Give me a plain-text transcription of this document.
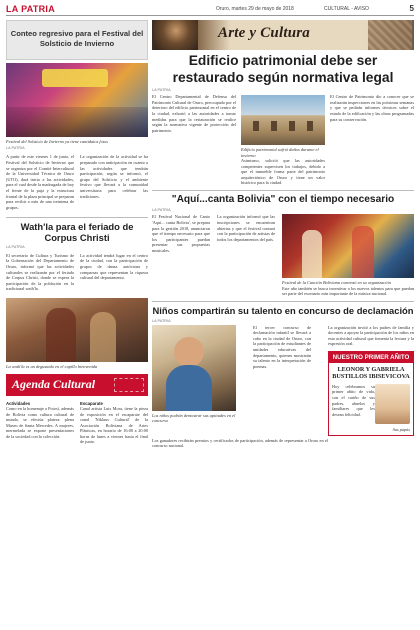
LA PATRIA	Oruro, martes 29 de mayo de 2018	CULTURAL - AVISO	5
Conteo regresivo para el Festival del Solsticio de Invierno
Festival del Solsticio de Invierno ya tiene cantidatos fotos
LA PATRIA

A partir de este viernes 1 de junio, el Festival del Solsticio de Invierno que se organiza por el Comité Intercultural de la Universidad Técnica de Oruro (UTO), dará inicio a las actividades, para el cual desde la madrugada de hoy el frente de la puja y la estructura frontal de la plaza principal se preparan para recibir a más de una treintena de grupos.

La organización de la actividad se ha preparado con anticipación en cuanto a las actividades que tendrán participación, según se informó, el grupo del Solsticio y el ambiente festivo que llevará a la comunidad universitaria para celebrar las tradiciones.

Wath'la para el feriado de Corpus Christi
LA PATRIA

El secretario de Cultura y Turismo de la Gobernación del Departamento de Oruro, informó que las actividades culturales se realizarán por el feriado de Corpus Christi, donde se espera la participación de la población en la tradicional wath'la.

La actividad tendrá lugar en el centro de la ciudad, con la participación de grupos de danza autóctona y comparsas que representan la riqueza cultural del departamento.

La wath'la es un degustado en el capillo bienvenida
Agenda Cultural
Actividades
Como en la homenaje a Potosí, además de Bolivia como cultura cultural de mundo, se efectúa platera: plena Museo de Santa Mercedes. A mujeres, mermelada se expone presentaciones de la sociedad con la colección.
Escaparate
Canal artista Luis Mora, tiene la pieza de exposición en el escaparate del canal 'Niklaus Cultural' de la Asociación Boliviana de Artes Plásticas, en horario de 16:00 a 20:00 horas de lunes a viernes hasta el final de junio.
Arte y Cultura
Edificio patrimonial debe ser restaurado según normativa legal
LA PATRIA

El Centro Departamental de Defensa del Patrimonio Cultural de Oruro, preocupado por el deterioro del edificio patrimonial en el centro de la ciudad, exhortó a las autoridades a tomar medidas para que la restauración se realice según la normativa vigente de protección del patrimonio.

Edificio patrimonial sufrió daños durante el invierno
Asimismo, solicitó que las autoridades competentes supervisen los trabajos, debido a que el inmueble forma parte del patrimonio arquitectónico de Oruro y tiene un valor histórico para la ciudad.

El Centro de Patrimonio dio a conocer que se realizarán inspecciones en las próximas semanas y que se pedirán informes técnicos sobre el estado de la edificación y las obras programadas para su conservación.

"Aquí...canta Bolivia" con el tiempo necesario
LA PATRIA

El Festival Nacional de Canto 'Aquí... canta Bolivia', se prepara para la gestión 2018, anunciaron que el tiempo necesario para que los participantes puedan presentar sus propuestas musicales.

La organización informó que las inscripciones se encuentran abiertas y que el festival contará con la participación de artistas de todos los departamentos del país.

Festival de la Canción Boliviana comenzó en su organización
Este año también se busca incentivar a los nuevos talentos para que puedan ser parte del escenario más importante de la música nacional.
Niños compartirán su talento en concurso de declamación
LA PATRIA
Los niños podrán demostrar sus aptitudes en el concurso

El tercer concurso de declamación infantil se llevará a cabo en la ciudad de Oruro, con la participación de estudiantes de unidades educativas del departamento, quienes mostrarán su talento en la interpretación de poemas.

La organización invitó a los padres de familia y docentes a apoyar la participación de los niños en esta actividad cultural que fomenta la lectura y la expresión oral.
NUESTRO PRIMER AÑITO
LEONOR Y GABRIELA BUSTILLOS IBISEVICOVA
Hoy celebramos su primer añito de vida, con el cariño de sus padres, abuelos y familiares que les desean felicidad.
Sus papás
Los ganadores recibirán premios y certificados de participación, además de representar a Oruro en el concurso nacional.
